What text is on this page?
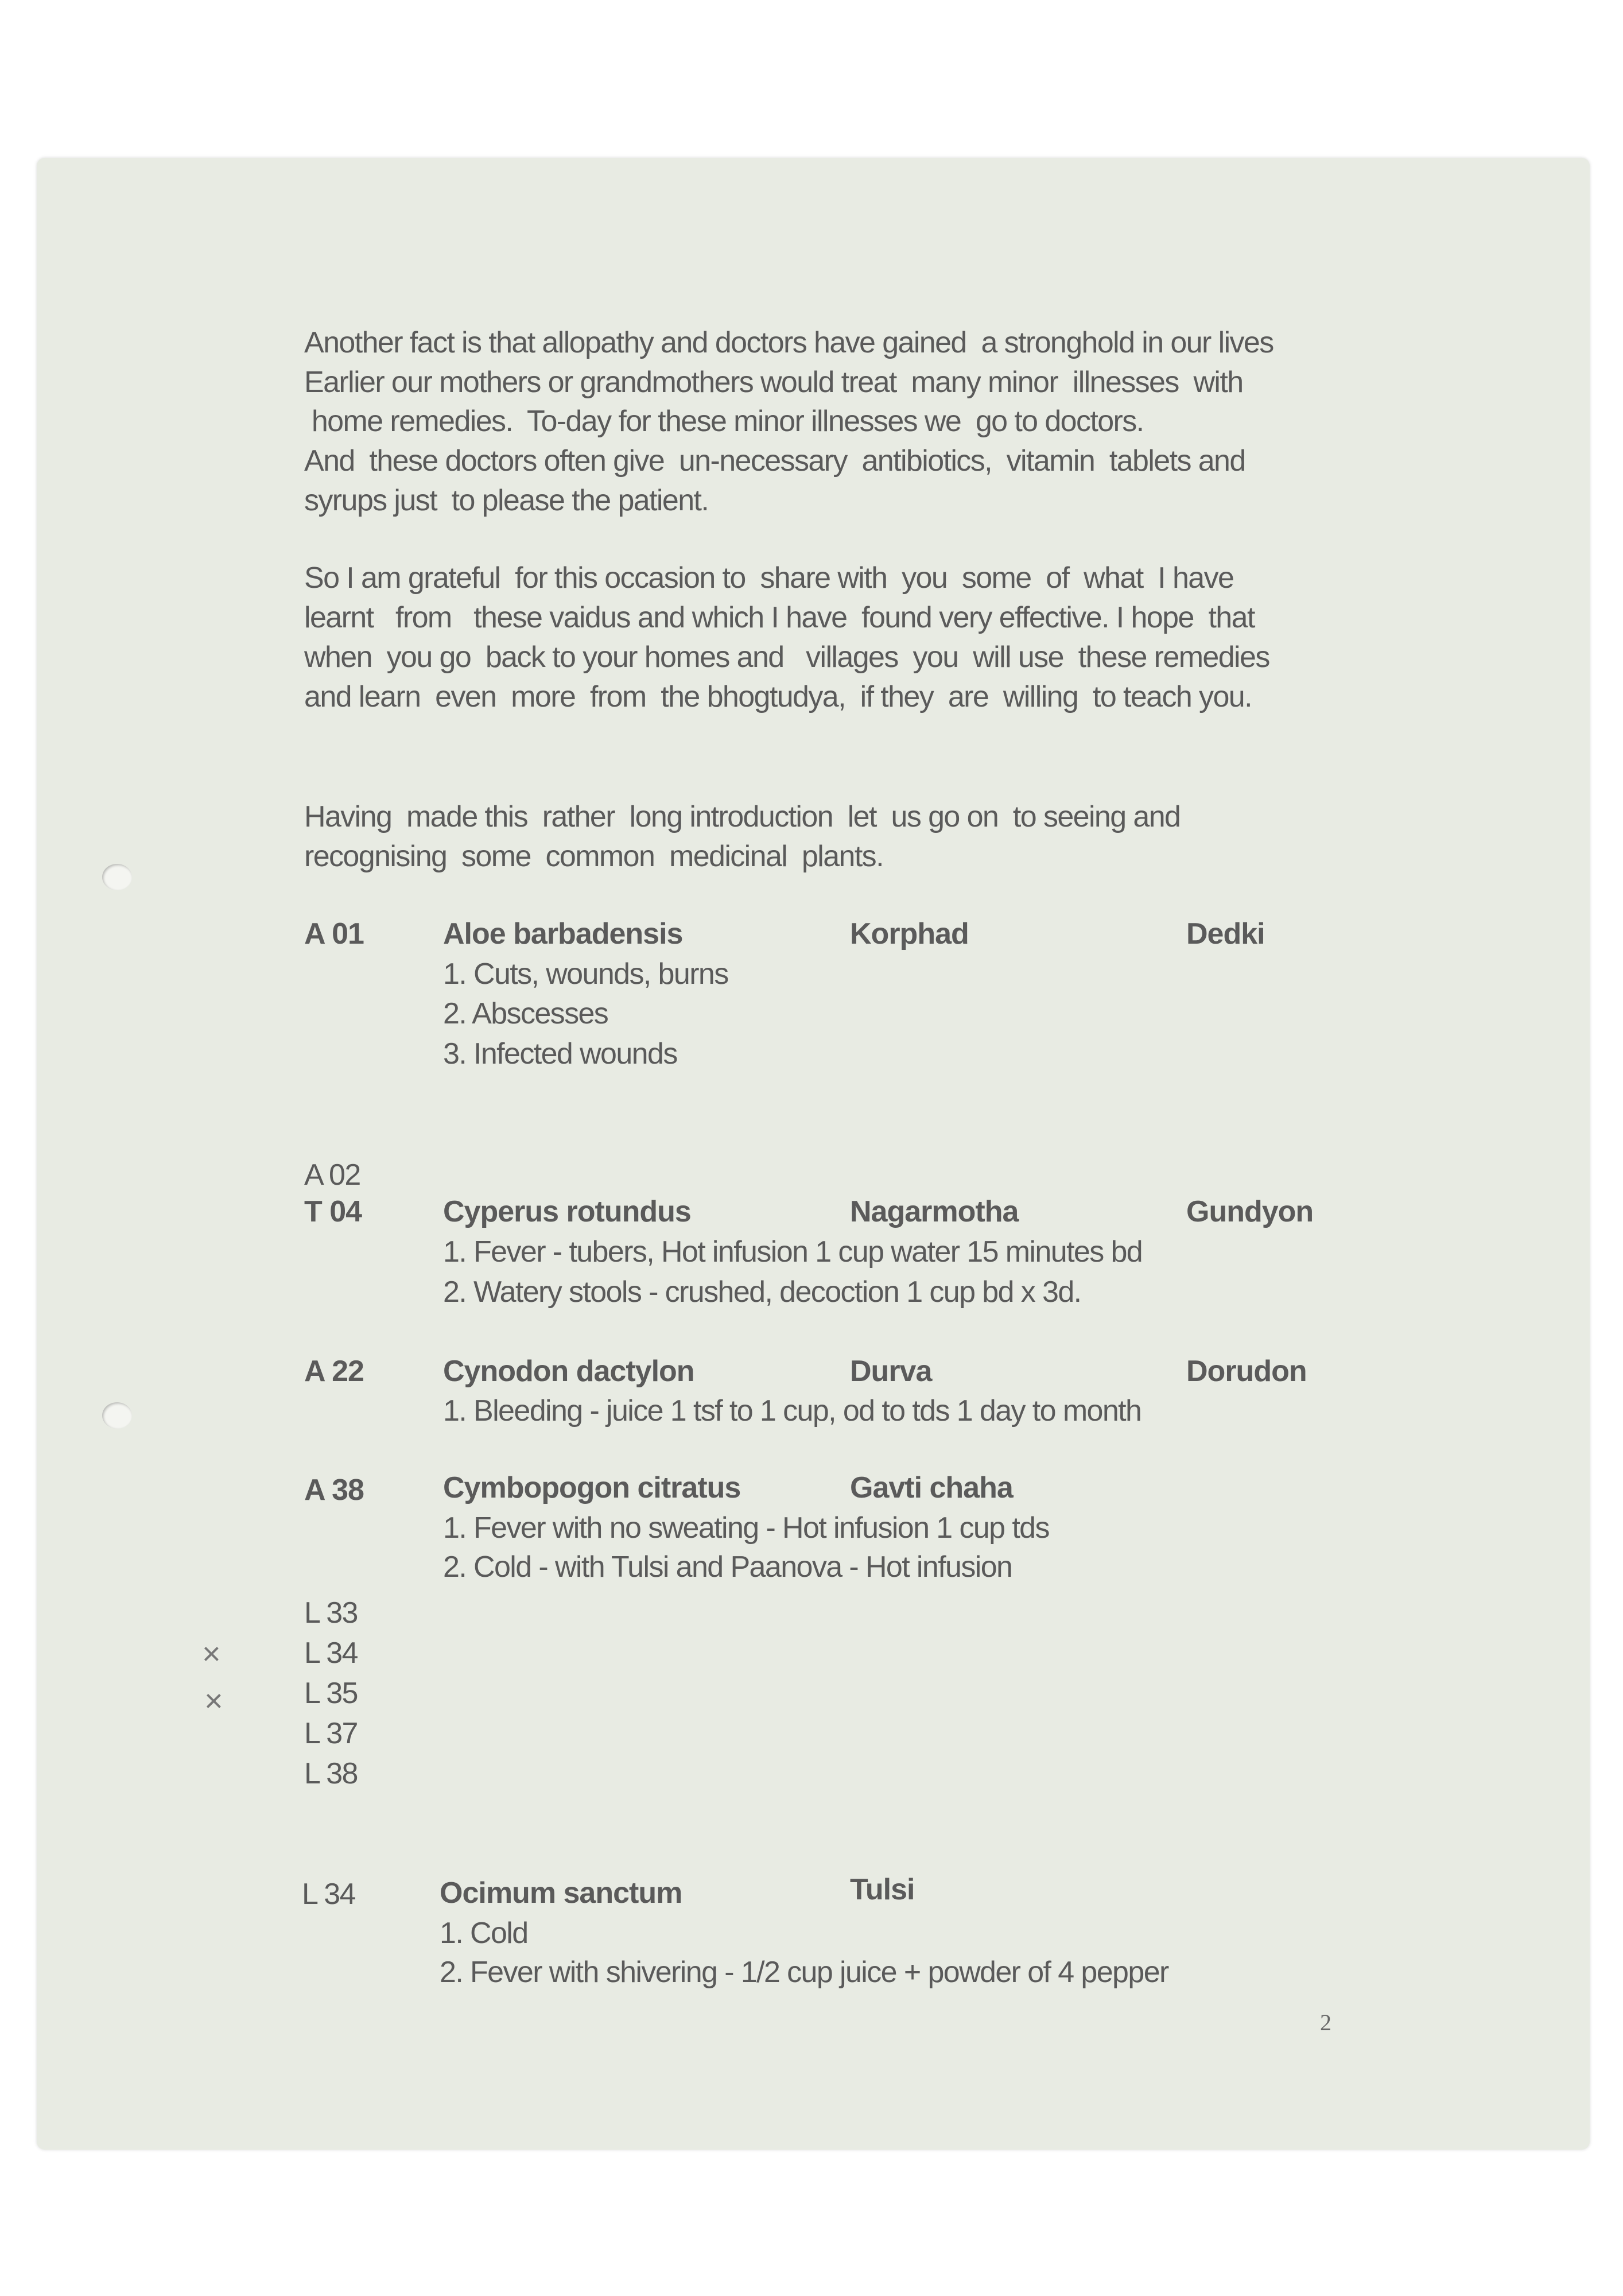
Another fact is that allopathy and doctors have gained  a stronghold in our lives
Earlier our mothers or grandmothers would treat  many minor  illnesses  with
home remedies.  To-day for these minor illnesses we  go to doctors.
And  these doctors often give  un-necessary  antibiotics,  vitamin  tablets and
syrups just  to please the patient.
So I am grateful  for this occasion to  share with  you  some  of  what  I have
learnt   from   these vaidus and which I have  found very effective. I hope  that
when  you go  back to your homes and   villages  you  will use  these remedies
and learn  even  more  from  the bhogtudya,  if they  are  willing  to teach you.
Having  made this  rather  long introduction  let  us go on  to seeing and
recognising  some  common  medicinal  plants.
A 01	Aloe barbadensis	Korphad	Dedki
1. Cuts, wounds, burns
2. Abscesses
3. Infected wounds
A 02
T 04	Cyperus rotundus	Nagarmotha	Gundyon
1. Fever - tubers, Hot infusion 1 cup water 15 minutes bd
2. Watery stools - crushed, decoction 1 cup bd x 3d.
A 22	Cynodon dactylon	Durva	Dorudon
1. Bleeding - juice 1 tsf to 1 cup, od to tds 1 day to month
A 38	Cymbopogon citratus	Gavti chaha
1. Fever with no sweating - Hot infusion 1 cup tds
2. Cold - with Tulsi and Paanova - Hot infusion
L 33
L 34
L 35
L 37
L 38
×
×
L 34	Ocimum sanctum	Tulsi
1. Cold
2. Fever with shivering - 1/2 cup juice + powder of 4 pepper
2
